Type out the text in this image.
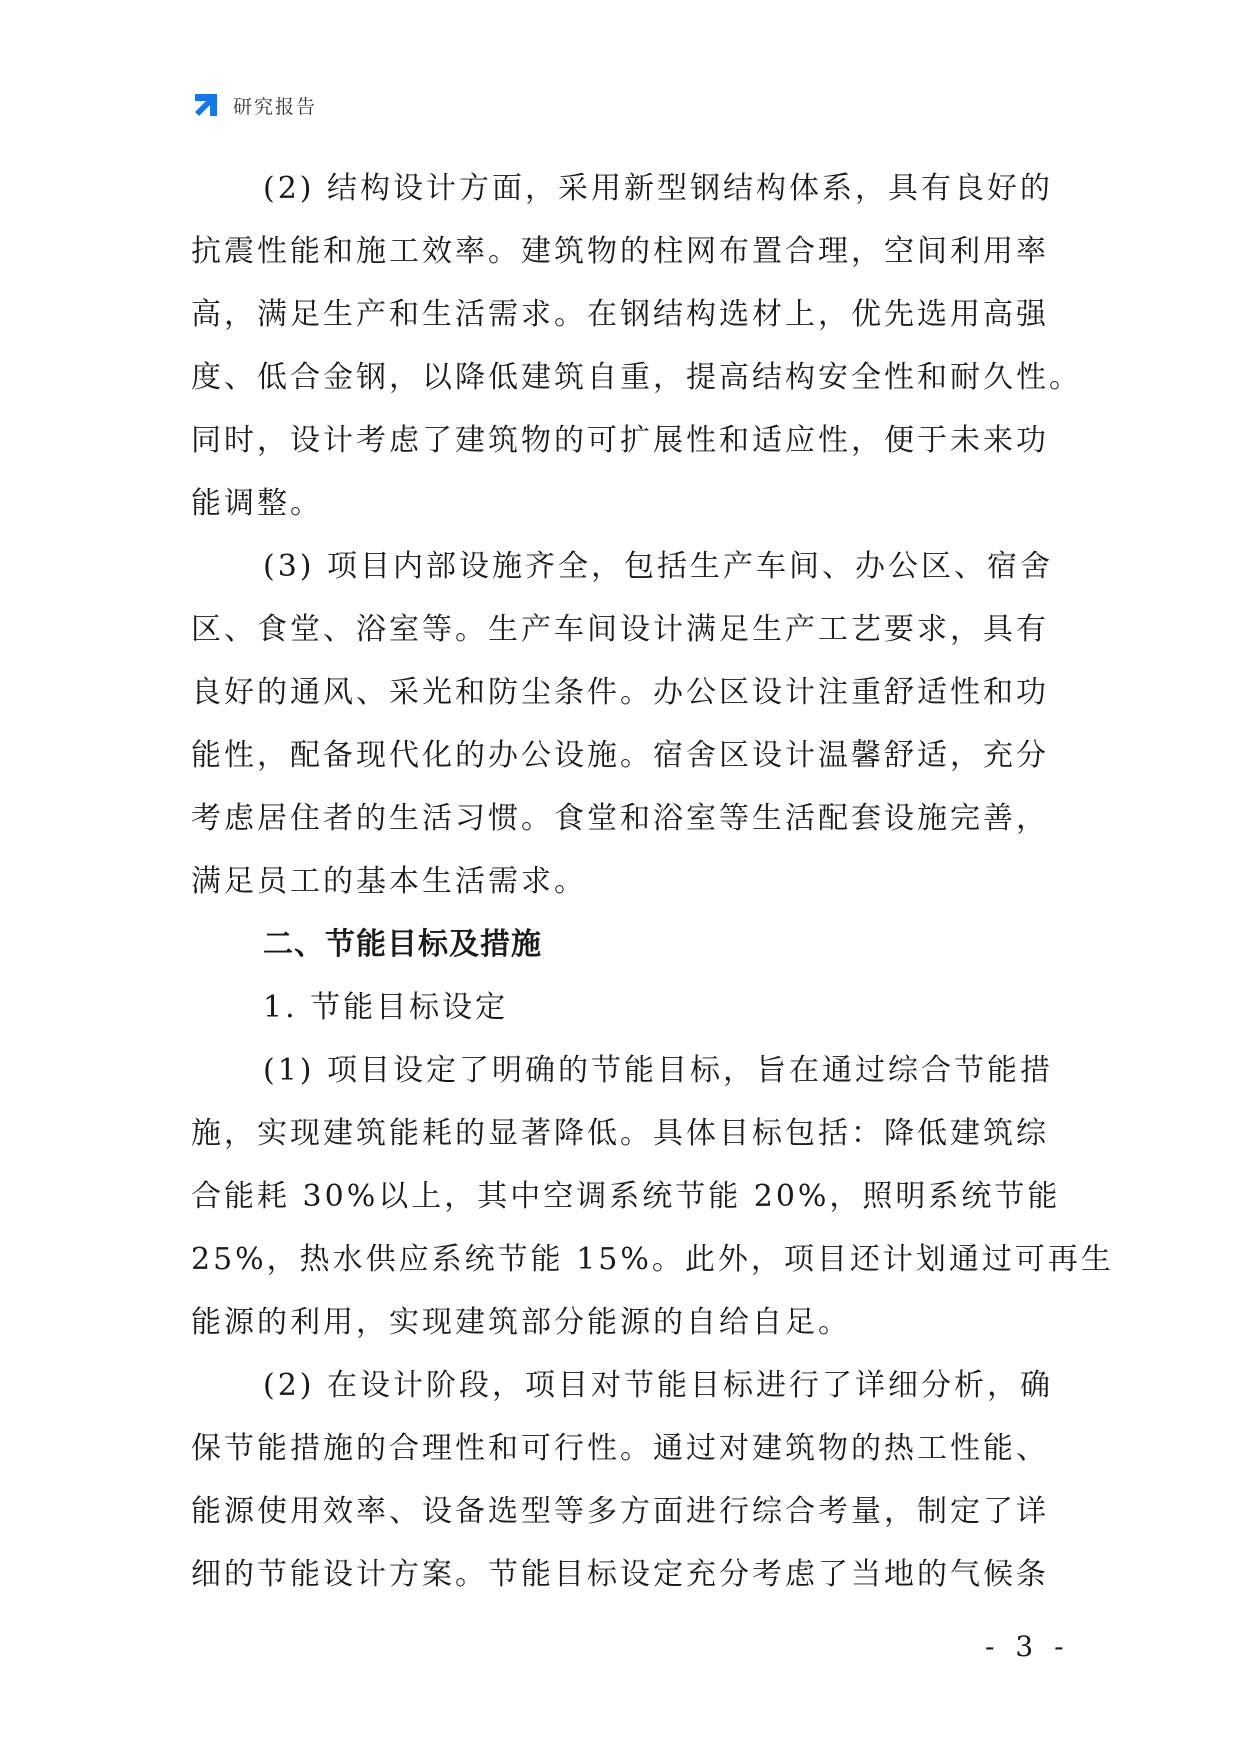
研究报告
(2) 结构设计方面，采用新型钢结构体系，具有良好的
抗震性能和施工效率。建筑物的柱网布置合理，空间利用率
高，满足生产和生活需求。在钢结构选材上，优先选用高强
度、低合金钢，以降低建筑自重，提高结构安全性和耐久性。
同时，设计考虑了建筑物的可扩展性和适应性，便于未来功
能调整。
(3) 项目内部设施齐全，包括生产车间、办公区、宿舍
区、食堂、浴室等。生产车间设计满足生产工艺要求，具有
良好的通风、采光和防尘条件。办公区设计注重舒适性和功
能性，配备现代化的办公设施。宿舍区设计温馨舒适，充分
考虑居住者的生活习惯。食堂和浴室等生活配套设施完善，
满足员工的基本生活需求。
二、节能目标及措施
1. 节能目标设定
(1) 项目设定了明确的节能目标，旨在通过综合节能措
施，实现建筑能耗的显著降低。具体目标包括：降低建筑综
合能耗 30%以上，其中空调系统节能 20%，照明系统节能
25%，热水供应系统节能 15%。此外，项目还计划通过可再生
能源的利用，实现建筑部分能源的自给自足。
(2) 在设计阶段，项目对节能目标进行了详细分析，确
保节能措施的合理性和可行性。通过对建筑物的热工性能、
能源使用效率、设备选型等多方面进行综合考量，制定了详
细的节能设计方案。节能目标设定充分考虑了当地的气候条
- 3 -
